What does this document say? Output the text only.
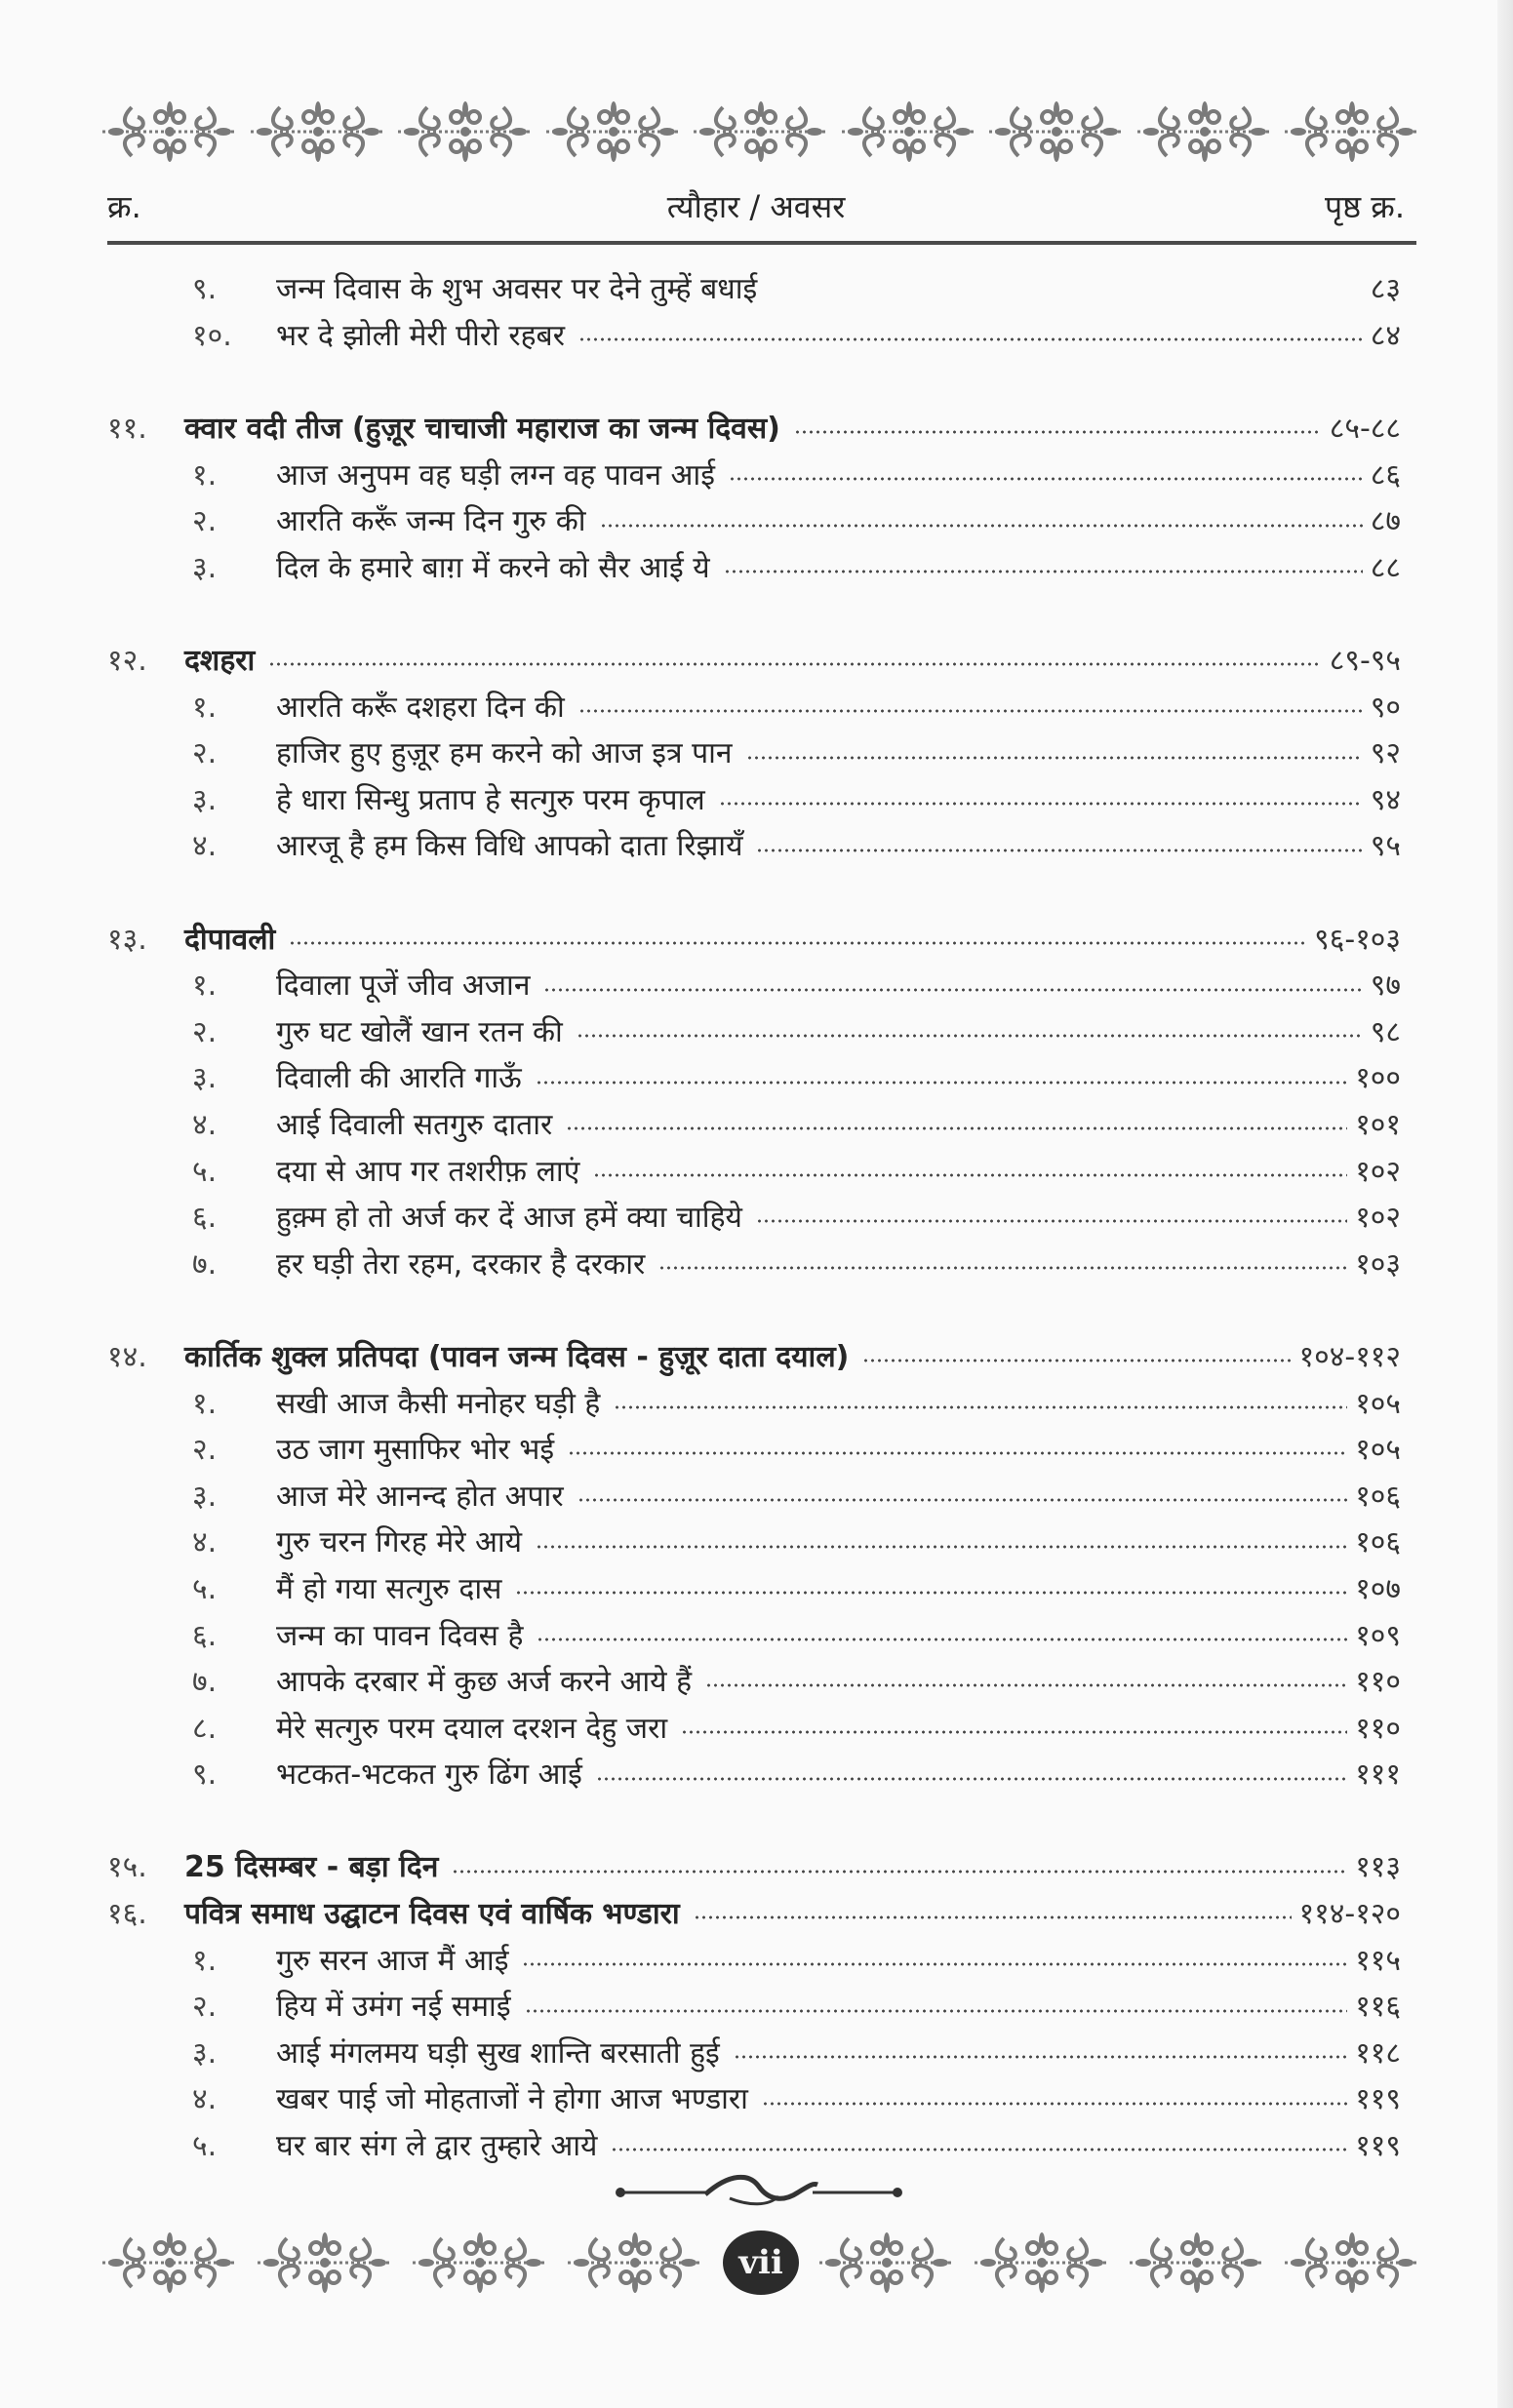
क्र.	त्यौहार / अवसर	पृष्ठ क्र.
९.	जन्म दिवास के शुभ अवसर पर देने तुम्हें बधाई	८३
१०.	भर दे झोली मेरी पीरो रहबर	८४
११.	क्वार वदी तीज (हुज़ूर चाचाजी महाराज का जन्म दिवस)	८५-८८
१.	आज अनुपम वह घड़ी लग्न वह पावन आई	८६
२.	आरति करूँ जन्म दिन गुरु की	८७
३.	दिल के हमारे बाग़ में करने को सैर आई ये	८८
१२.	दशहरा	८९-९५
१.	आरति करूँ दशहरा दिन की	९०
२.	हाजिर हुए हुज़ूर हम करने को आज इत्र पान	९२
३.	हे धारा सिन्धु प्रताप हे सत्गुरु परम कृपाल	९४
४.	आरजू है हम किस विधि आपको दाता रिझायँ	९५
१३.	दीपावली	९६-१०३
१.	दिवाला पूजें जीव अजान	९७
२.	गुरु घट खोलैं खान रतन की	९८
३.	दिवाली की आरति गाऊँ	१००
४.	आई दिवाली सतगुरु दातार	१०१
५.	दया से आप गर तशरीफ़ लाएं	१०२
६.	हुक़्म हो तो अर्ज कर दें आज हमें क्या चाहिये	१०२
७.	हर घड़ी तेरा रहम, दरकार है दरकार	१०३
१४.	कार्तिक शुक्ल प्रतिपदा (पावन जन्म दिवस - हुज़ूर दाता दयाल)	१०४-११२
१.	सखी आज कैसी मनोहर घड़ी है	१०५
२.	उठ जाग मुसाफिर भोर भई	१०५
३.	आज मेरे आनन्द होत अपार	१०६
४.	गुरु चरन गिरह मेरे आये	१०६
५.	मैं हो गया सत्गुरु दास	१०७
६.	जन्म का पावन दिवस है	१०९
७.	आपके दरबार में कुछ अर्ज करने आये हैं	११०
८.	मेरे सत्गुरु परम दयाल दरशन देहु जरा	११०
९.	भटकत-भटकत गुरु ढिंग आई	१११
१५.	25 दिसम्बर - बड़ा दिन	११३
१६.	पवित्र समाध उद्घाटन दिवस एवं वार्षिक भण्डारा	११४-१२०
१.	गुरु सरन आज मैं आई	११५
२.	हिय में उमंग नई समाई	११६
३.	आई मंगलमय घड़ी सुख शान्ति बरसाती हुई	११८
४.	खबर पाई जो मोहताजों ने होगा आज भण्डारा	११९
५.	घर बार संग ले द्वार तुम्हारे आये	११९
vii
